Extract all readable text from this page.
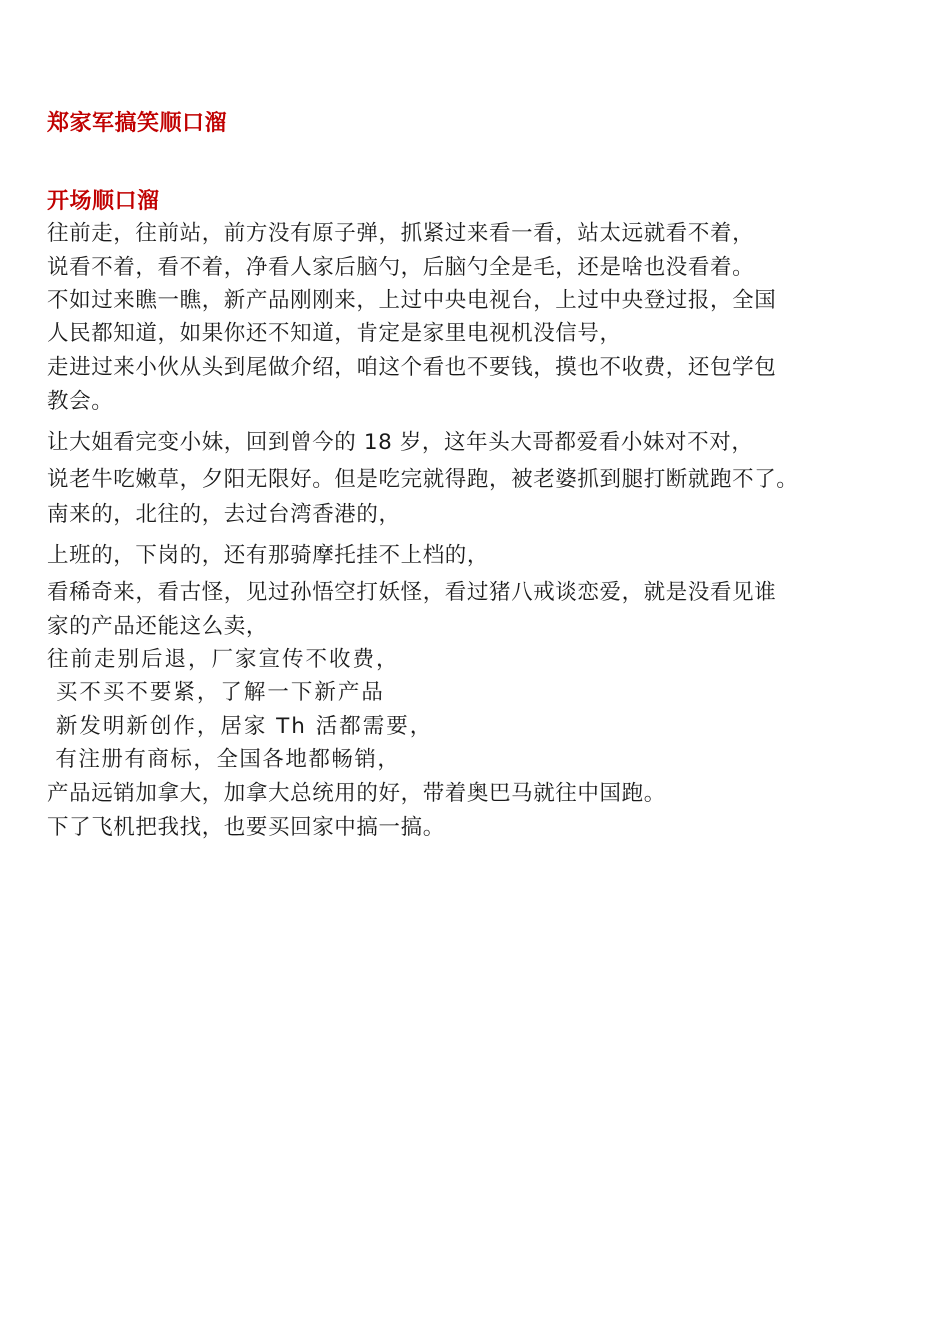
郑家军搞笑顺口溜
开场顺口溜
往前走，往前站，前方没有原子弹，抓紧过来看一看，站太远就看不着，
说看不着，看不着，净看人家后脑勺，后脑勺全是毛，还是啥也没看着。
不如过来瞧一瞧，新产品刚刚来，上过中央电视台，上过中央登过报，全国
人民都知道，如果你还不知道，肯定是家里电视机没信号，
走进过来小伙从头到尾做介绍，咱这个看也不要钱，摸也不收费，还包学包
教会。
让大姐看完变小妹，回到曾今的 18 岁，这年头大哥都爱看小妹对不对，
说老牛吃嫩草，夕阳无限好。但是吃完就得跑，被老婆抓到腿打断就跑不了。
南来的，北往的，去过台湾香港的，
上班的，下岗的，还有那骑摩托挂不上档的，
看稀奇来，看古怪，见过孙悟空打妖怪，看过猪八戒谈恋爱，就是没看见谁
家的产品还能这么卖，
往前走别后退，厂家宣传不收费，
买不买不要紧，了解一下新产品
新发明新创作，居家 Th 活都需要，
有注册有商标，全国各地都畅销，
产品远销加拿大，加拿大总统用的好，带着奥巴马就往中国跑。
下了飞机把我找，也要买回家中搞一搞。
